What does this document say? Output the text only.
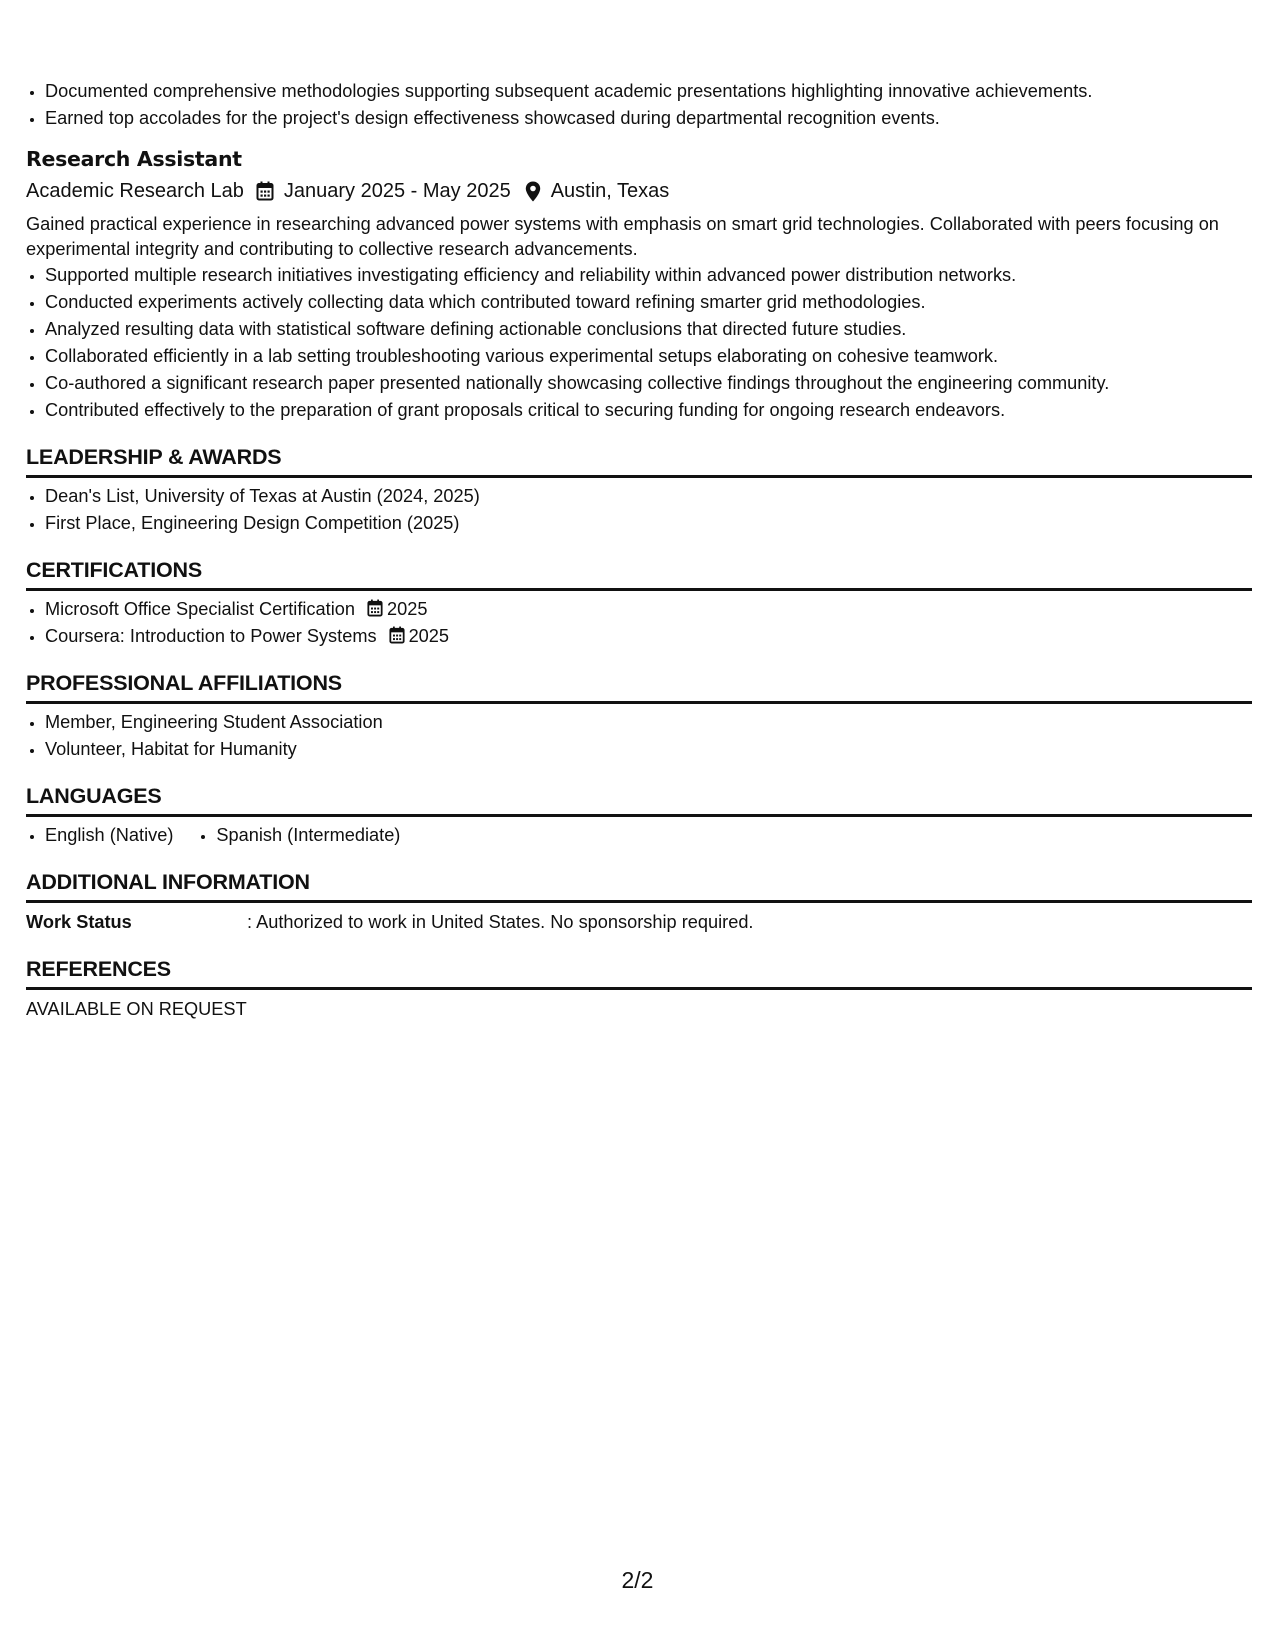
• Documented comprehensive methodologies supporting subsequent academic presentations highlighting innovative achievements.
• Earned top accolades for the project's design effectiveness showcased during departmental recognition events.
Research Assistant
Academic Research Lab January 2025 - May 2025 Austin, Texas
Gained practical experience in researching advanced power systems with emphasis on smart grid technologies. Collaborated with peers focusing on experimental integrity and contributing to collective research advancements.
• Supported multiple research initiatives investigating efficiency and reliability within advanced power distribution networks.
• Conducted experiments actively collecting data which contributed toward refining smarter grid methodologies.
• Analyzed resulting data with statistical software defining actionable conclusions that directed future studies.
• Collaborated efficiently in a lab setting troubleshooting various experimental setups elaborating on cohesive teamwork.
• Co-authored a significant research paper presented nationally showcasing collective findings throughout the engineering community.
• Contributed effectively to the preparation of grant proposals critical to securing funding for ongoing research endeavors.
LEADERSHIP & AWARDS
• Dean's List, University of Texas at Austin (2024, 2025)
• First Place, Engineering Design Competition (2025)
CERTIFICATIONS
• Microsoft Office Specialist Certification 2025
• Coursera: Introduction to Power Systems 2025
PROFESSIONAL AFFILIATIONS
• Member, Engineering Student Association
• Volunteer, Habitat for Humanity
LANGUAGES
• English (Native)
• Spanish (Intermediate)
ADDITIONAL INFORMATION
Work Status	: Authorized to work in United States. No sponsorship required.
REFERENCES
AVAILABLE ON REQUEST
2/2
